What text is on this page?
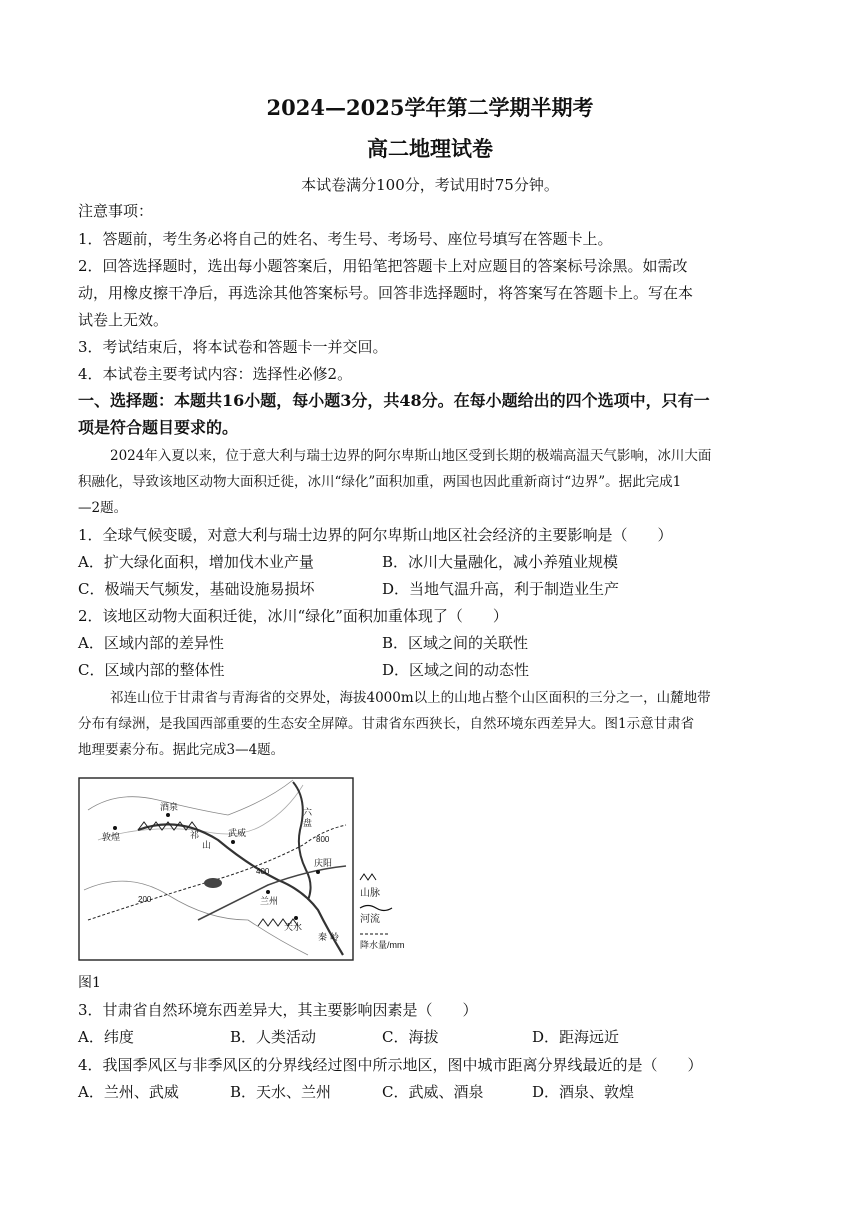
2024—2025学年第二学期半期考
高二地理试卷
本试卷满分100分，考试用时75分钟。
注意事项：
1．答题前，考生务必将自己的姓名、考生号、考场号、座位号填写在答题卡上。
2．回答选择题时，选出每小题答案后，用铅笔把答题卡上对应题目的答案标号涂黑。如需改
动，用橡皮擦干净后，再选涂其他答案标号。回答非选择题时，将答案写在答题卡上。写在本
试卷上无效。
3．考试结束后，将本试卷和答题卡一并交回。
4．本试卷主要考试内容：选择性必修2。
一、选择题：本题共16小题，每小题3分，共48分。在每小题给出的四个选项中，只有一
项是符合题目要求的。
2024年入夏以来，位于意大利与瑞士边界的阿尔卑斯山地区受到长期的极端高温天气影响，冰川大面
积融化，导致该地区动物大面积迁徙，冰川“绿化”面积加重，两国也因此重新商讨“边界”。据此完成1
—2题。
1．全球气候变暖，对意大利与瑞士边界的阿尔卑斯山地区社会经济的主要影响是（　　）
A．扩大绿化面积，增加伐木业产量	B．冰川大量融化，减小养殖业规模
C．极端天气频发，基础设施易损坏	D．当地气温升高，利于制造业生产
2．该地区动物大面积迁徙，冰川“绿化”面积加重体现了（　　）
A．区域内部的差异性	B．区域之间的关联性
C．区域内部的整体性	D．区域之间的动态性
祁连山位于甘肃省与青海省的交界处，海拔4000m以上的山地占整个山区面积的三分之一，山麓地带
分布有绿洲，是我国西部重要的生态安全屏障。甘肃省东西狭长，自然环境东西差异大。图1示意甘肃省
地理要素分布。据此完成3—4题。
敦煌
酒泉
武威
兰州
庆阳
天水
祁
山
秦 岭
六
盘
200
400
800
山脉
河流
降水量/mm
图1
3．甘肃省自然环境东西差异大，其主要影响因素是（　　）
A．纬度	B．人类活动	C．海拔	D．距海远近
4．我国季风区与非季风区的分界线经过图中所示地区，图中城市距离分界线最近的是（　　）
A．兰州、武威	B．天水、兰州	C．武威、酒泉	D．酒泉、敦煌
